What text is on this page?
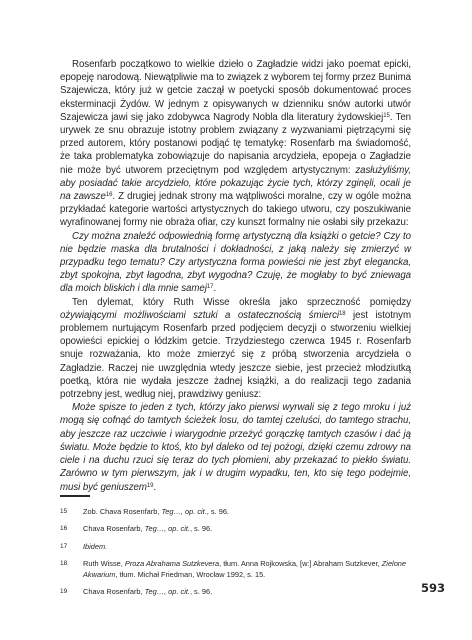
Rosenfarb początkowo to wielkie dzieło o Zagładzie widzi jako poemat epicki, epopeję narodową. Niewątpliwie ma to związek z wyborem tej formy przez Bunima Szajewicza, który już w getcie zaczął w poetycki sposób dokumentować proces eksterminacji Żydów. W jednym z opisywanych w dzienniku snów autorki utwór Szajewicza jawi się jako zdobywca Nagrody Nobla dla literatury żydowskiej$^{15}$. Ten urywek ze snu obrazuje istotny problem związany z wyzwaniami piętrzącymi się przed autorem, który postanowi podjąć tę tematykę: Rosenfarb ma świadomość, że taka problematyka zobowiązuje do napisania arcydzieła, epopeja o Zagładzie nie może być utworem przeciętnym pod względem artystycznym: zasłużyliśmy, aby posiadać takie arcydzieło, które pokazując życie tych, którzy zginęli, ocali je na zawsze$^{16}$. Z drugiej jednak strony ma wątpliwości moralne, czy w ogóle można przykładać kategorie wartości artystycznych do takiego utworu, czy poszukiwanie wyrafinowanej formy nie obraża ofiar, czy kunszt formalny nie osłabi siły przekazu:

Czy można znaleźć odpowiednią formę artystyczną dla książki o getcie? Czy to nie będzie maska dla brutalności i dokładności, z jaką należy się zmierzyć w przypadku tego tematu? Czy artystyczna forma powieści nie jest zbyt elegancka, zbyt spokojna, zbyt łagodna, zbyt wygodna? Czuję, że mogłaby to być zniewaga dla moich bliskich i dla mnie samej$^{17}$.

Ten dylemat, który Ruth Wisse określa jako sprzeczność pomiędzy ożywiającymi możliwościami sztuki a ostatecznością śmierci$^{18}$ jest istotnym problemem nurtującym Rosenfarb przed podjęciem decyzji o stworzeniu wielkiej opowieści epickiej o łódzkim getcie. Trzydziestego czerwca 1945 r. Rosenfarb snuje rozważania, kto może zmierzyć się z próbą stworzenia arcydzieła o Zagładzie. Raczej nie uwzględnia wtedy jeszcze siebie, jest przecież młodziutką poetką, która nie wydała jeszcze żadnej książki, a do realizacji tego zadania potrzebny jest, według niej, prawdziwy geniusz:

Może spisze to jeden z tych, którzy jako pierwsi wyrwali się z tego mroku i już mogą się cofnąć do tamtych ścieżek losu, do tamtej czeluści, do tamtego strachu, aby jeszcze raz uczciwie i wiarygodnie przeżyć gorączkę tamtych czasów i dać ją światu. Może będzie to ktoś, kto był daleko od tej pożogi, dzięki czemu zdrowy na ciele i na duchu rzuci się teraz do tych płomieni, aby przekazać to piekło światu. Zarówno w tym pierwszym, jak i w drugim wypadku, ten, kto się tego podejmie, musi być geniuszem$^{19}$.

15	Zob. Chava Rosenfarb, Teg…, op. cit., s. 96.
16	Chava Rosenfarb, Teg…, op. cit., s. 96.
17	Ibidem.
18	Ruth Wisse, Proza Abrahama Sutzkevera, tłum. Anna Rojkowska, [w:] Abraham Sutzkever, Zielone Akwarium, tłum. Michał Friedman, Wrocław 1992, s. 15.
19	Chava Rosenfarb, Teg…, op. cit., s. 96.	593
